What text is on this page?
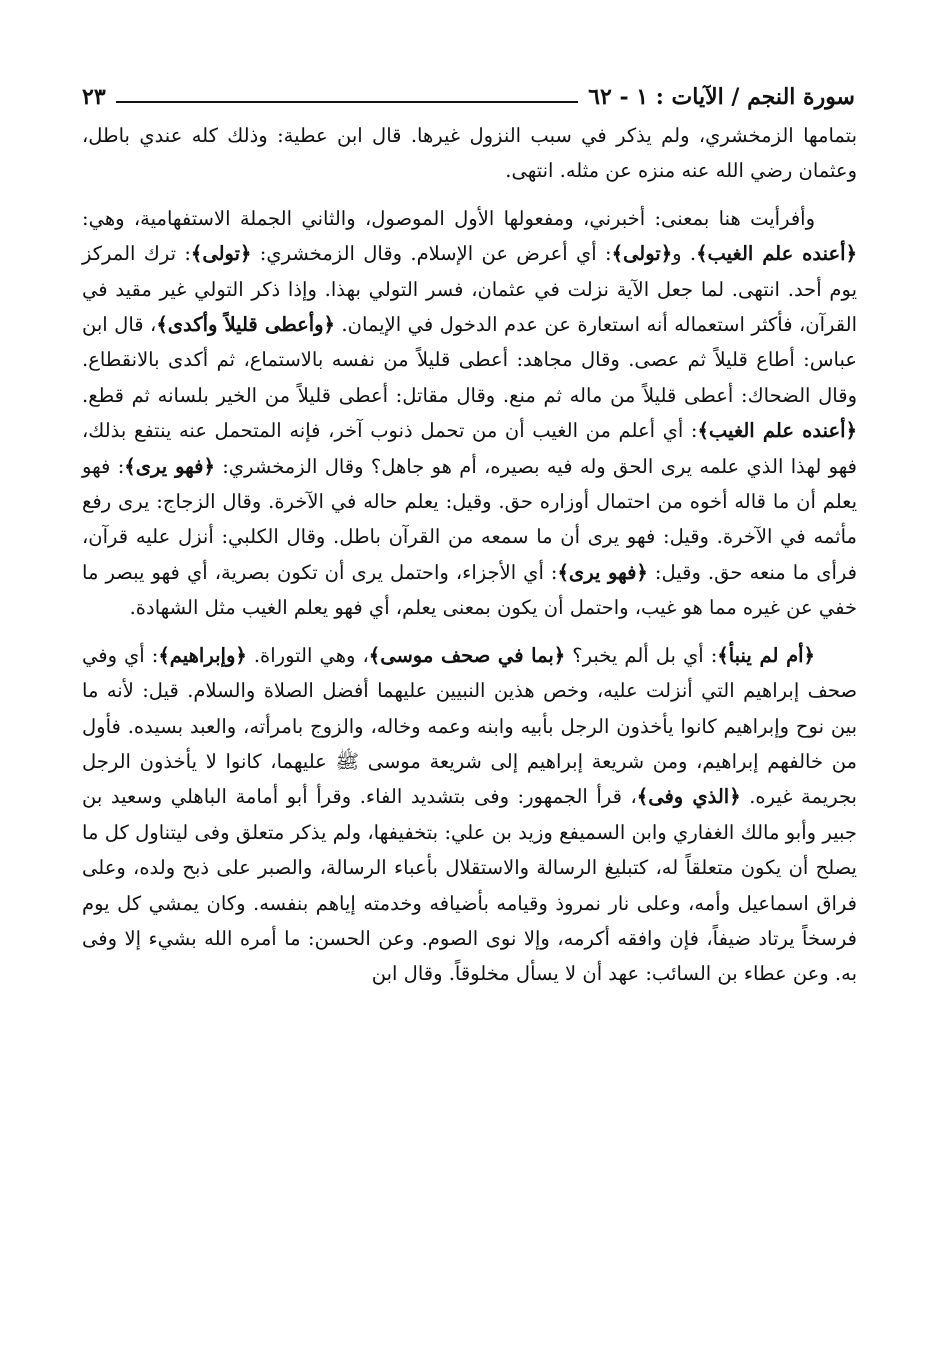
سورة النجم / الآيات : ١ - ٦٢
٢٣

بتمامها الزمخشري، ولم يذكر في سبب النزول غيرها. قال ابن عطية: وذلك كله عندي باطل، وعثمان رضي الله عنه منزه عن مثله. انتهى.

وأفرأيت هنا بمعنى: أخبرني، ومفعولها الأول الموصول، والثاني الجملة الاستفهامية، وهي: ﴿أعنده علم الغيب﴾. و﴿تولى﴾: أي أعرض عن الإسلام. وقال الزمخشري: ﴿تولى﴾: ترك المركز يوم أحد. انتهى. لما جعل الآية نزلت في عثمان، فسر التولي بهذا. وإذا ذكر التولي غير مقيد في القرآن، فأكثر استعماله أنه استعارة عن عدم الدخول في الإيمان. ﴿وأعطى قليلاً وأكدى﴾، قال ابن عباس: أطاع قليلاً ثم عصى. وقال مجاهد: أعطى قليلاً من نفسه بالاستماع، ثم أكدى بالانقطاع. وقال الضحاك: أعطى قليلاً من ماله ثم منع. وقال مقاتل: أعطى قليلاً من الخير بلسانه ثم قطع. ﴿أعنده علم الغيب﴾: أي أعلم من الغيب أن من تحمل ذنوب آخر، فإنه المتحمل عنه ينتفع بذلك، فهو لهذا الذي علمه يرى الحق وله فيه بصيره، أم هو جاهل؟ وقال الزمخشري: ﴿فهو يرى﴾: فهو يعلم أن ما قاله أخوه من احتمال أوزاره حق. وقيل: يعلم حاله في الآخرة. وقال الزجاج: يرى رفع مأثمه في الآخرة. وقيل: فهو يرى أن ما سمعه من القرآن باطل. وقال الكلبي: أنزل عليه قرآن، فرأى ما منعه حق. وقيل: ﴿فهو يرى﴾: أي الأجزاء، واحتمل يرى أن تكون بصرية، أي فهو يبصر ما خفي عن غيره مما هو غيب، واحتمل أن يكون بمعنى يعلم، أي فهو يعلم الغيب مثل الشهادة.

﴿أم لم ينبأ﴾: أي بل ألم يخبر؟ ﴿بما في صحف موسى﴾، وهي التوراة. ﴿وإبراهيم﴾: أي وفي صحف إبراهيم التي أنزلت عليه، وخص هذين النبيين عليهما أفضل الصلاة والسلام. قيل: لأنه ما بين نوح وإبراهيم كانوا يأخذون الرجل بأبيه وابنه وعمه وخاله، والزوج بامرأته، والعبد بسيده. فأول من خالفهم إبراهيم، ومن شريعة إبراهيم إلى شريعة موسى ﷺ عليهما، كانوا لا يأخذون الرجل بجريمة غيره. ﴿الذي وفى﴾، قرأ الجمهور: وفى بتشديد الفاء. وقرأ أبو أمامة الباهلي وسعيد بن جبير وأبو مالك الغفاري وابن السميفع وزيد بن علي: بتخفيفها، ولم يذكر متعلق وفى ليتناول كل ما يصلح أن يكون متعلقاً له، كتبليغ الرسالة والاستقلال بأعباء الرسالة، والصبر على ذبح ولده، وعلى فراق اسماعيل وأمه، وعلى نار نمروذ وقيامه بأضيافه وخدمته إياهم بنفسه. وكان يمشي كل يوم فرسخاً يرتاد ضيفاً، فإن وافقه أكرمه، وإلا نوى الصوم. وعن الحسن: ما أمره الله بشيء إلا وفى به. وعن عطاء بن السائب: عهد أن لا يسأل مخلوقاً. وقال ابن
